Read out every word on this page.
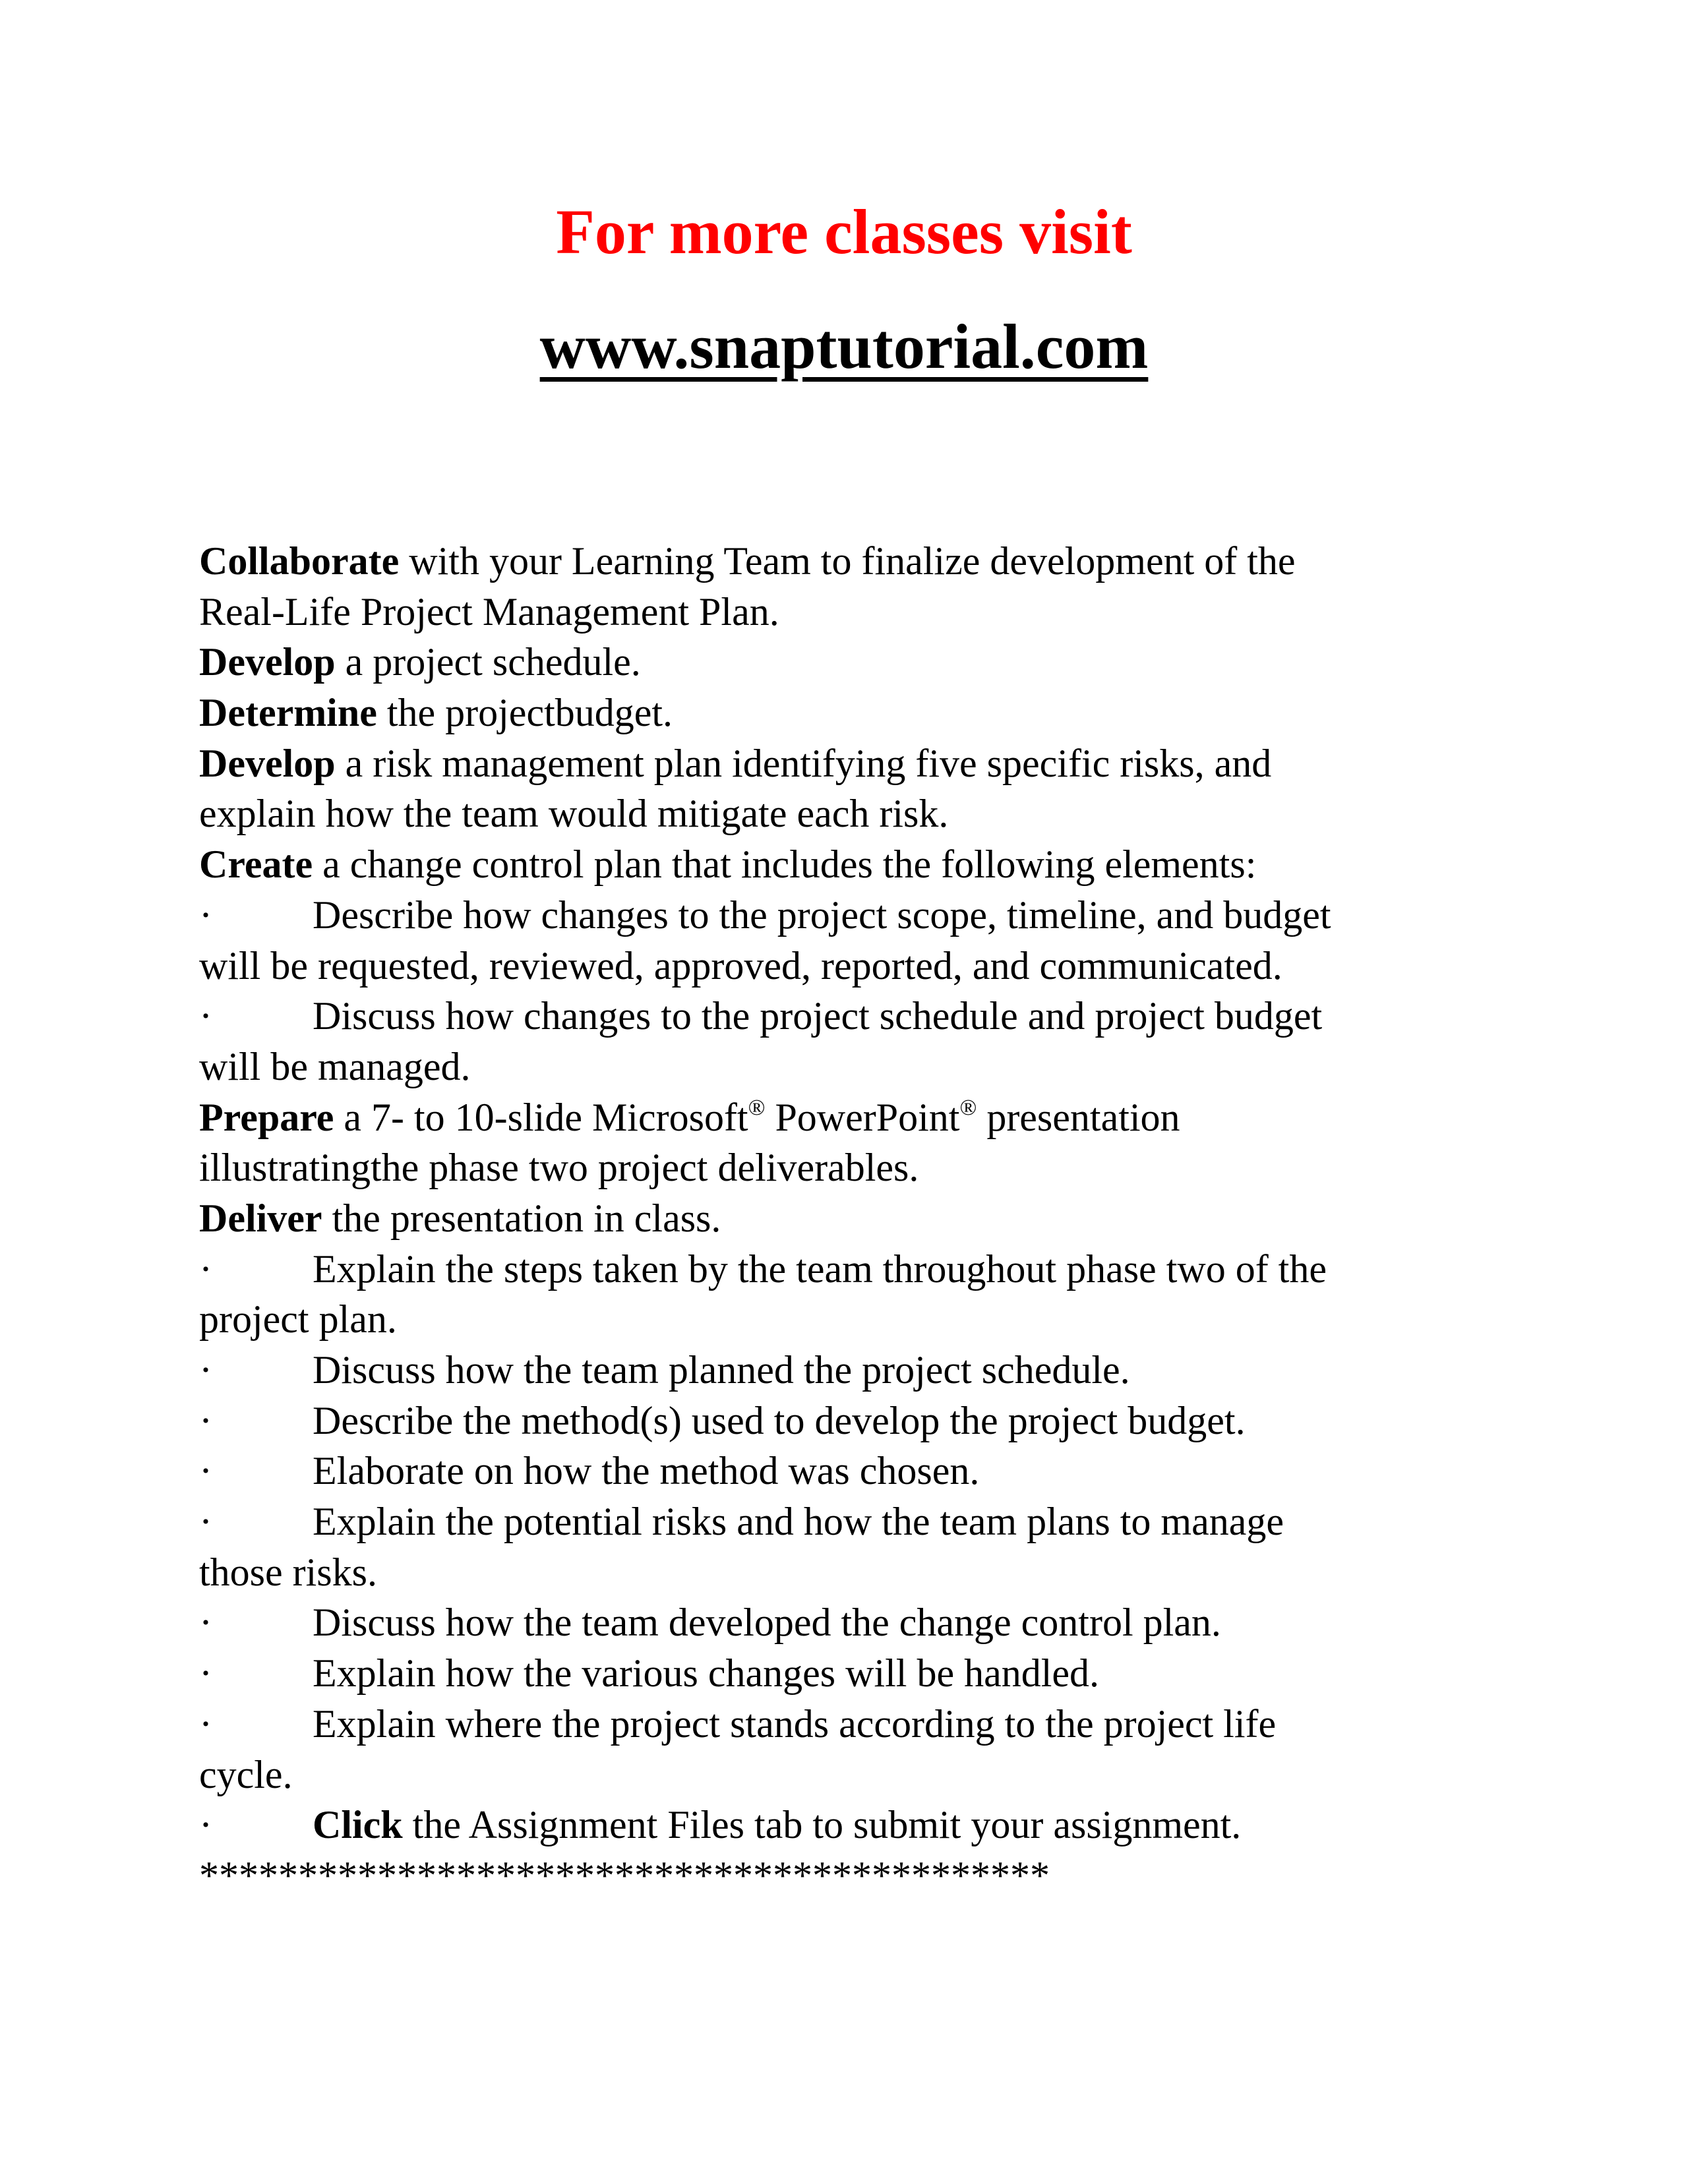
For more classes visit
www.snaptutorial.com
Collaborate with your Learning Team to finalize development of the
Real-Life Project Management Plan.
Develop a project schedule.
Determine the projectbudget.
Develop a risk management plan identifying five specific risks, and
explain how the team would mitigate each risk.
Create a change control plan that includes the following elements:
·	Describe how changes to the project scope, timeline, and budget
will be requested, reviewed, approved, reported, and communicated.
·	Discuss how changes to the project schedule and project budget
will be managed.
Prepare a 7- to 10-slide Microsoft® PowerPoint® presentation
illustratingthe phase two project deliverables.
Deliver the presentation in class.
·	Explain the steps taken by the team throughout phase two of the
project plan.
·	Discuss how the team planned the project schedule.
·	Describe the method(s) used to develop the project budget.
·	Elaborate on how the method was chosen.
·	Explain the potential risks and how the team plans to manage
those risks.
·	Discuss how the team developed the change control plan.
·	Explain how the various changes will be handled.
·	Explain where the project stands according to the project life
cycle.
·	Click the Assignment Files tab to submit your assignment.
*******************************************
